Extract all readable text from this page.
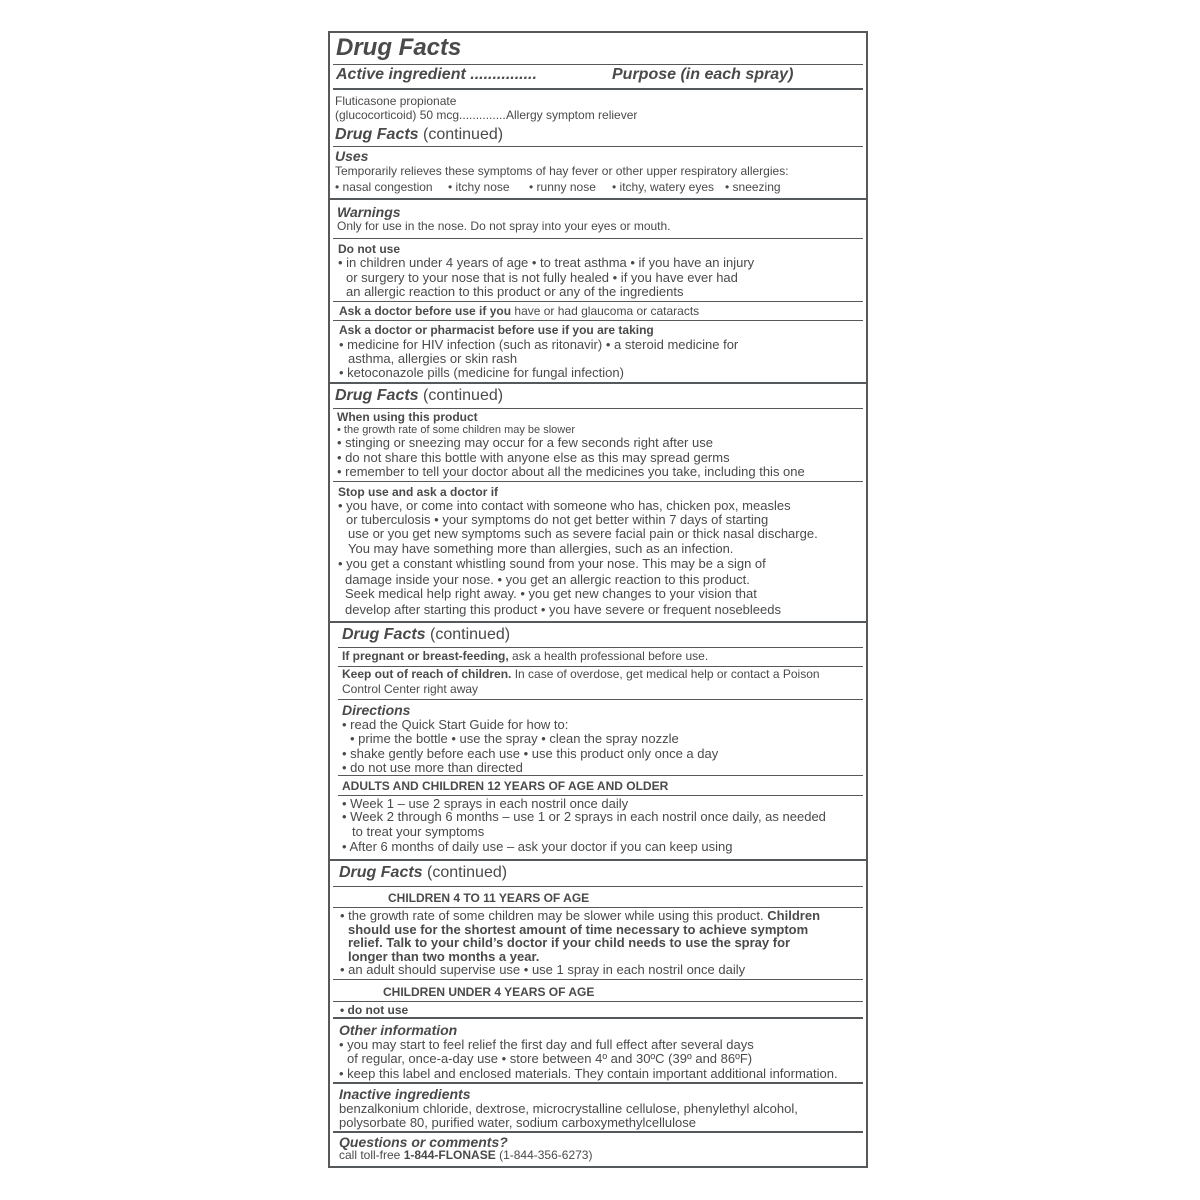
Drug Facts
Active ingredient ...............	Purpose (in each spray)
Fluticasone propionate
(glucocorticoid) 50 mcg.............. Allergy symptom reliever
Drug Facts (continued)
Uses
Temporarily relieves these symptoms of hay fever or other upper respiratory allergies:
• nasal congestion • itchy nose • runny nose • itchy, watery eyes • sneezing
Warnings
Only for use in the nose. Do not spray into your eyes or mouth.
Do not use
• in children under 4 years of age • to treat asthma • if you have an injury
or surgery to your nose that is not fully healed • if you have ever had
an allergic reaction to this product or any of the ingredients
Ask a doctor before use if you have or had glaucoma or cataracts
Ask a doctor or pharmacist before use if you are taking
• medicine for HIV infection (such as ritonavir) • a steroid medicine for
asthma, allergies or skin rash
• ketoconazole pills (medicine for fungal infection)
Drug Facts (continued)
When using this product
• the growth rate of some children may be slower
• stinging or sneezing may occur for a few seconds right after use
• do not share this bottle with anyone else as this may spread germs
• remember to tell your doctor about all the medicines you take, including this one
Stop use and ask a doctor if
• you have, or come into contact with someone who has, chicken pox, measles
or tuberculosis • your symptoms do not get better within 7 days of starting
use or you get new symptoms such as severe facial pain or thick nasal discharge.
You may have something more than allergies, such as an infection.
• you get a constant whistling sound from your nose. This may be a sign of
damage inside your nose. • you get an allergic reaction to this product.
Seek medical help right away. • you get new changes to your vision that
develop after starting this product • you have severe or frequent nosebleeds
Drug Facts (continued)
If pregnant or breast-feeding, ask a health professional before use.
Keep out of reach of children. In case of overdose, get medical help or contact a Poison
Control Center right away
Directions
• read the Quick Start Guide for how to:
• prime the bottle • use the spray • clean the spray nozzle
• shake gently before each use • use this product only once a day
• do not use more than directed
ADULTS AND CHILDREN 12 YEARS OF AGE AND OLDER
• Week 1 – use 2 sprays in each nostril once daily
• Week 2 through 6 months – use 1 or 2 sprays in each nostril once daily, as needed
to treat your symptoms
• After 6 months of daily use – ask your doctor if you can keep using
Drug Facts (continued)
CHILDREN 4 TO 11 YEARS OF AGE
• the growth rate of some children may be slower while using this product. Children
should use for the shortest amount of time necessary to achieve symptom
relief. Talk to your child’s doctor if your child needs to use the spray for
longer than two months a year.
• an adult should supervise use • use 1 spray in each nostril once daily
CHILDREN UNDER 4 YEARS OF AGE
• do not use
Other information
• you may start to feel relief the first day and full effect after several days
of regular, once-a-day use • store between 4º and 30ºC (39º and 86ºF)
• keep this label and enclosed materials. They contain important additional information.
Inactive ingredients
benzalkonium chloride, dextrose, microcrystalline cellulose, phenylethyl alcohol,
polysorbate 80, purified water, sodium carboxymethylcellulose
Questions or comments?
call toll-free 1-844-FLONASE (1-844-356-6273)
